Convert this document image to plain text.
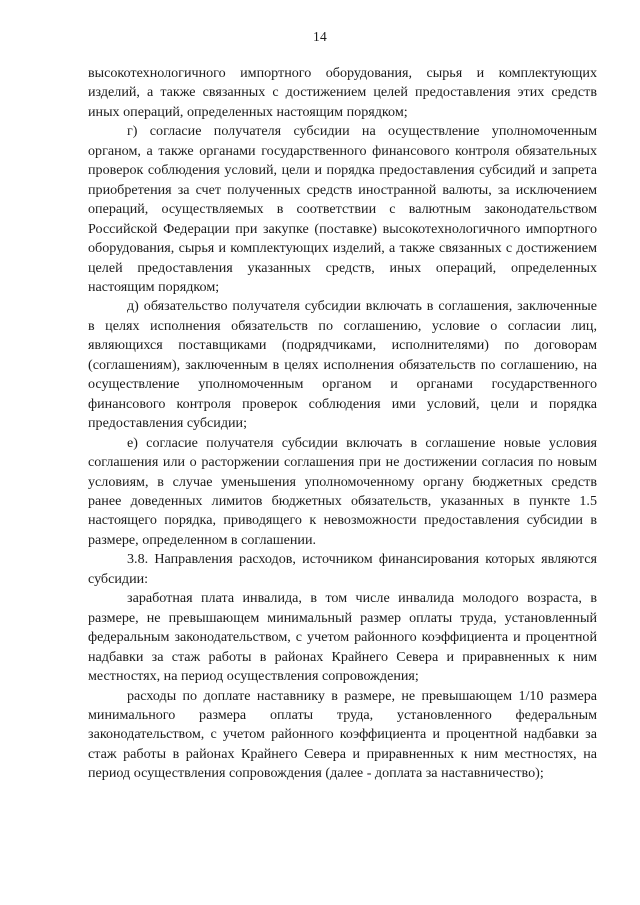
14

высокотехнологичного импортного оборудования, сырья и комплектующих изделий, а также связанных с достижением целей предоставления этих средств иных операций, определенных настоящим порядком;

г) согласие получателя субсидии на осуществление уполномоченным органом, а также органами государственного финансового контроля обязательных проверок соблюдения условий, цели и порядка предоставления субсидий и запрета приобретения за счет полученных средств иностранной валюты, за исключением операций, осуществляемых в соответствии с валютным законодательством Российской Федерации при закупке (поставке) высокотехнологичного импортного оборудования, сырья и комплектующих изделий, а также связанных с достижением целей предоставления указанных средств, иных операций, определенных настоящим порядком;

д) обязательство получателя субсидии включать в соглашения, заключенные в целях исполнения обязательств по соглашению, условие о согласии лиц, являющихся поставщиками (подрядчиками, исполнителями) по договорам (соглашениям), заключенным в целях исполнения обязательств по соглашению, на осуществление уполномоченным органом и органами государственного финансового контроля проверок соблюдения ими условий, цели и порядка предоставления субсидии;

е) согласие получателя субсидии включать в соглашение новые условия соглашения или о расторжении соглашения при не достижении согласия по новым условиям, в случае уменьшения уполномоченному органу бюджетных средств ранее доведенных лимитов бюджетных обязательств, указанных в пункте 1.5 настоящего порядка, приводящего к невозможности предоставления субсидии в размере, определенном в соглашении.

3.8. Направления расходов, источником финансирования которых являются субсидии:

заработная плата инвалида, в том числе инвалида молодого возраста, в размере, не превышающем минимальный размер оплаты труда, установленный федеральным законодательством, с учетом районного коэффициента и процентной надбавки за стаж работы в районах Крайнего Севера и приравненных к ним местностях, на период осуществления сопровождения;

расходы по доплате наставнику в размере, не превышающем 1/10 размера минимального размера оплаты труда, установленного федеральным законодательством, с учетом районного коэффициента и процентной надбавки за стаж работы в районах Крайнего Севера и приравненных к ним местностях, на период осуществления сопровождения (далее - доплата за наставничество);
